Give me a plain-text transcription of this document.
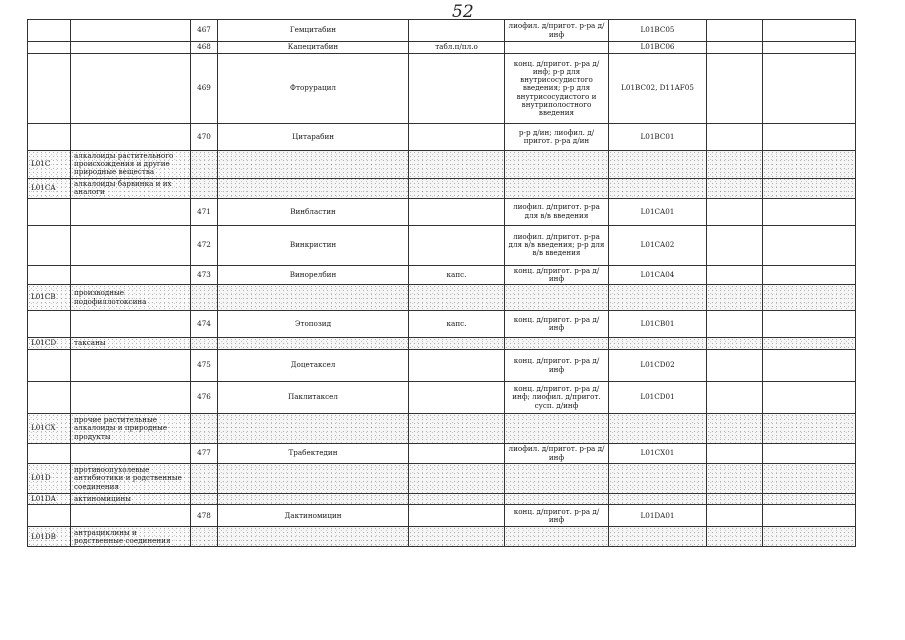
52
		467	Гемцитабин		лиофил. д/пригот. р-ра д/инф	L01BC05		
		468	Капецитабин	табл.п/пл.о		L01BC06		
		469	Фторурацил		конц. д/пригот. р-ра д/инф; р-р для внутрисосудистого введения; р-р для внутрисосудистого и внутриполостного введения	L01BC02, D11AF05		
		470	Цитарабин		р-р д/ин; лиофил. д/пригот. р-ра д/ин	L01BC01		
L01C	алкалоиды растительного происхождения и другие природные вещества							
L01CA	алкалоиды барвинка и их аналоги							
		471	Винбластин		лиофил. д/пригот. р-ра для в/в введения	L01CA01		
		472	Винкристин		лиофил. д/пригот. р-ра для в/в введения; р-р для в/в введения	L01CA02		
		473	Винорелбин	капс.	конц. д/пригот. р-ра д/инф	L01CA04		
L01CB	производные подофиллотоксина							
		474	Этопозид	капс.	конц. д/пригот. р-ра д/инф	L01CB01		
L01CD	таксаны							
		475	Доцетаксел		конц. д/пригот. р-ра д/инф	L01CD02		
		476	Паклитаксел		конц. д/пригот. р-ра д/инф; лиофил. д/пригот. сусп. д/инф	L01CD01		
L01CX	прочие растительные алкалоиды и природные продукты							
		477	Трабектедин		лиофил. д/пригот. р-ра д/инф	L01CX01		
L01D	противоопухолевые антибиотики и родственные соединения							
L01DA	актиномицины							
		478	Дактиномицин		конц. д/пригот. р-ра д/инф	L01DA01		
L01DB	антрациклины и родственные соединения							
